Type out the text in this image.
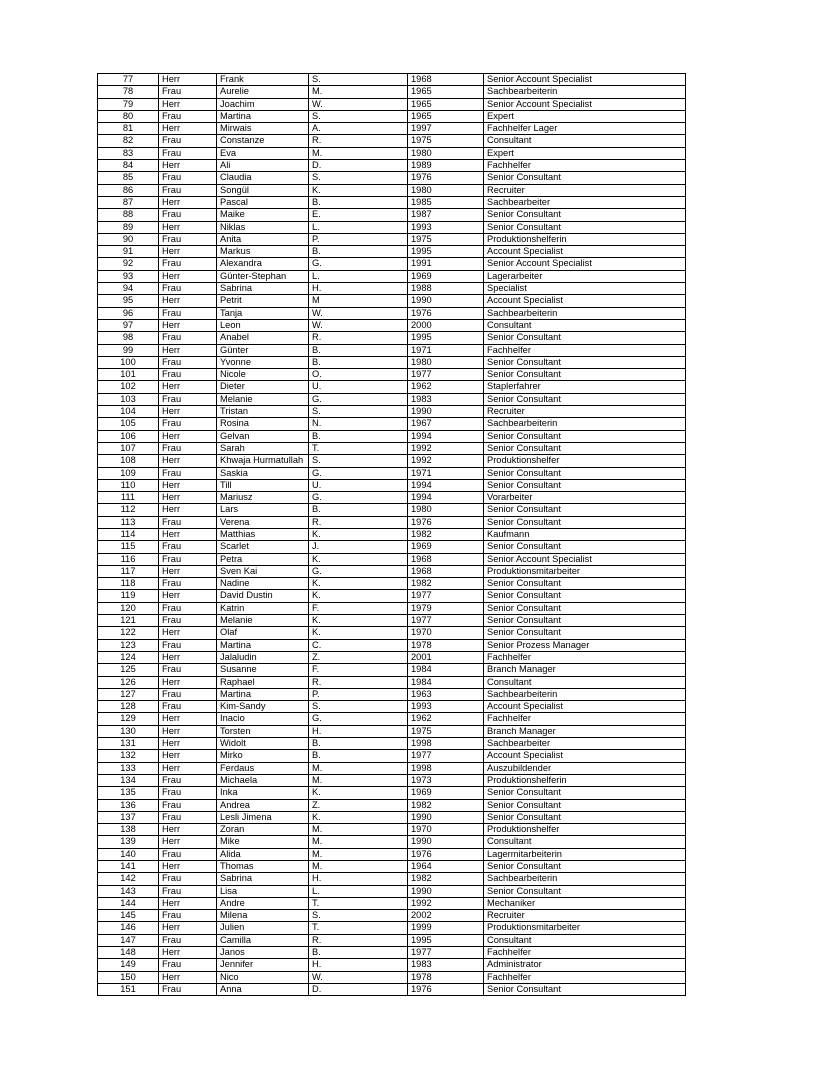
77	Herr	Frank	S.	1968	Senior Account Specialist
78	Frau	Aurelie	M.	1965	Sachbearbeiterin
79	Herr	Joachim	W.	1965	Senior Account Specialist
80	Frau	Martina	S.	1965	Expert
81	Herr	Mirwais	A.	1997	Fachhelfer Lager
82	Frau	Constanze	R.	1975	Consultant
83	Frau	Eva	M.	1980	Expert
84	Herr	Ali	D.	1989	Fachhelfer
85	Frau	Claudia	S.	1976	Senior Consultant
86	Frau	Songül	K.	1980	Recruiter
87	Herr	Pascal	B.	1985	Sachbearbeiter
88	Frau	Maike	E.	1987	Senior Consultant
89	Herr	Niklas	L.	1993	Senior Consultant
90	Frau	Anita	P.	1975	Produktionshelferin
91	Herr	Markus	B.	1995	Account Specialist
92	Frau	Alexandra	G.	1991	Senior Account Specialist
93	Herr	Günter-Stephan	L.	1969	Lagerarbeiter
94	Frau	Sabrina	H.	1988	Specialist
95	Herr	Petrit	M	1990	Account Specialist
96	Frau	Tanja	W.	1976	Sachbearbeiterin
97	Herr	Leon	W.	2000	Consultant
98	Frau	Anabel	R.	1995	Senior Consultant
99	Herr	Günter	B.	1971	Fachhelfer
100	Frau	Yvonne	B.	1980	Senior Consultant
101	Frau	Nicole	O.	1977	Senior Consultant
102	Herr	Dieter	U.	1962	Staplerfahrer
103	Frau	Melanie	G.	1983	Senior Consultant
104	Herr	Tristan	S.	1990	Recruiter
105	Frau	Rosina	N.	1967	Sachbearbeiterin
106	Herr	Gelvan	B.	1994	Senior Consultant
107	Frau	Sarah	T.	1992	Senior Consultant
108	Herr	Khwaja Hurmatullah	S.	1992	Produktionshelfer
109	Frau	Saskia	G.	1971	Senior Consultant
110	Herr	Till	U.	1994	Senior Consultant
111	Herr	Mariusz	G.	1994	Vorarbeiter
112	Herr	Lars	B.	1980	Senior Consultant
113	Frau	Verena	R.	1976	Senior Consultant
114	Herr	Matthias	K.	1982	Kaufmann
115	Frau	Scarlet	J.	1969	Senior Consultant
116	Frau	Petra	K.	1968	Senior Account Specialist
117	Herr	Sven Kai	G.	1968	Produktionsmitarbeiter
118	Frau	Nadine	K.	1982	Senior Consultant
119	Herr	David Dustin	K.	1977	Senior Consultant
120	Frau	Katrin	F.	1979	Senior Consultant
121	Frau	Melanie	K.	1977	Senior Consultant
122	Herr	Olaf	K.	1970	Senior Consultant
123	Frau	Martina	C.	1978	Senior Prozess Manager
124	Herr	Jalaludin	Z.	2001	Fachhelfer
125	Frau	Susanne	F.	1984	Branch Manager
126	Herr	Raphael	R.	1984	Consultant
127	Frau	Martina	P.	1963	Sachbearbeiterin
128	Frau	Kim-Sandy	S.	1993	Account Specialist
129	Herr	Inacio	G.	1962	Fachhelfer
130	Herr	Torsten	H.	1975	Branch Manager
131	Herr	Widolt	B.	1998	Sachbearbeiter
132	Herr	Mirko	B.	1977	Account Specialist
133	Herr	Ferdaus	M.	1998	Auszubildender
134	Frau	Michaela	M.	1973	Produktionshelferin
135	Frau	Inka	K.	1969	Senior Consultant
136	Frau	Andrea	Z.	1982	Senior Consultant
137	Frau	Lesli Jimena	K.	1990	Senior Consultant
138	Herr	Zoran	M.	1970	Produktionshelfer
139	Herr	Mike	M.	1990	Consultant
140	Frau	Alida	M.	1976	Lagermitarbeiterin
141	Herr	Thomas	M.	1964	Senior Consultant
142	Frau	Sabrina	H.	1982	Sachbearbeiterin
143	Frau	Lisa	L.	1990	Senior Consultant
144	Herr	Andre	T.	1992	Mechaniker
145	Frau	Milena	S.	2002	Recruiter
146	Herr	Julien	T.	1999	Produktionsmitarbeiter
147	Frau	Camilla	R.	1995	Consultant
148	Herr	Janos	B.	1977	Fachhelfer
149	Frau	Jennifer	H.	1983	Administrator
150	Herr	Nico	W.	1978	Fachhelfer
151	Frau	Anna	D.	1976	Senior Consultant
